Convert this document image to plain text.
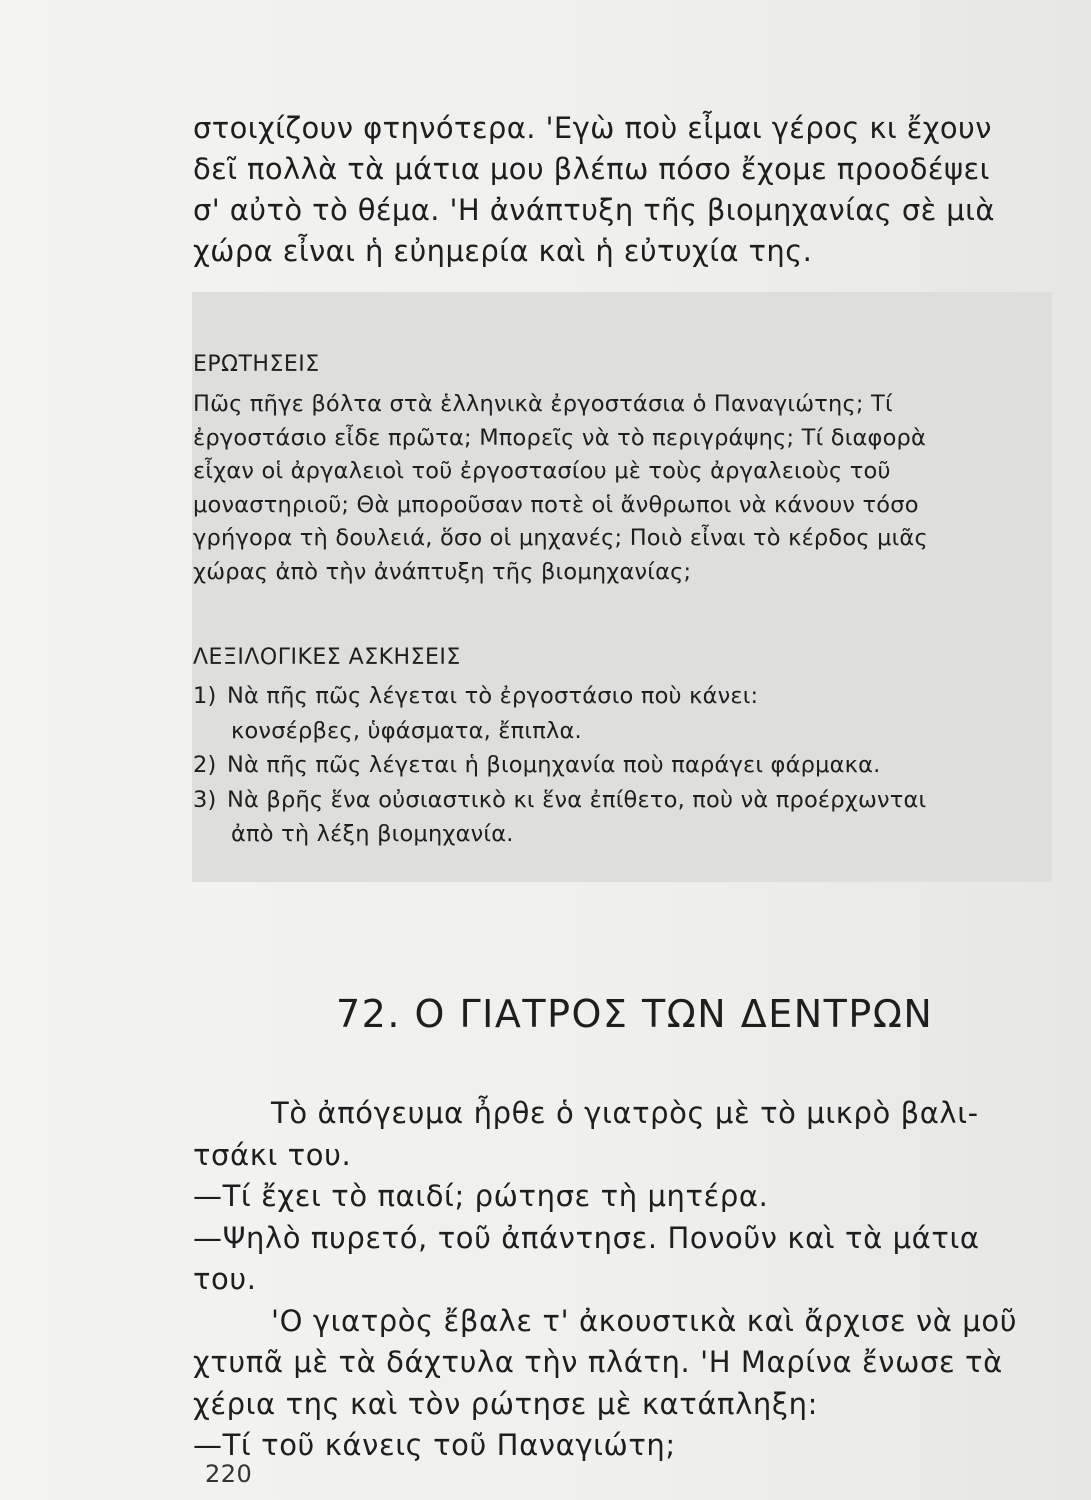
στοιχίζουν φτηνότερα. 'Εγὼ ποὺ εἶμαι γέρος κι ἔχουν
δεῖ πολλὰ τὰ μάτια μου βλέπω πόσο ἔχομε προοδέψει
σ' αὐτὸ τὸ θέμα. 'Η ἀνάπτυξη τῆς βιομηχανίας σὲ μιὰ
χώρα εἶναι ἡ εὐημερία καὶ ἡ εὐτυχία της.
ΕΡΩΤΗΣΕΙΣ
Πῶς πῆγε βόλτα στὰ ἑλληνικὰ ἐργοστάσια ὁ Παναγιώτης; Τί
ἐργοστάσιο εἶδε πρῶτα; Μπορεῖς νὰ τὸ περιγράψης; Τί διαφορὰ
εἶχαν οἱ ἀργαλειοὶ τοῦ ἐργοστασίου μὲ τοὺς ἀργαλειοὺς τοῦ
μοναστηριοῦ; Θὰ μποροῦσαν ποτὲ οἱ ἄνθρωποι νὰ κάνουν τόσο
γρήγορα τὴ δουλειά, ὅσο οἱ μηχανές; Ποιὸ εἶναι τὸ κέρδος μιᾶς
χώρας ἀπὸ τὴν ἀνάπτυξη τῆς βιομηχανίας;
ΛΕΞΙΛΟΓΙΚΕΣ ΑΣΚΗΣΕΙΣ
1) Νὰ πῆς πῶς λέγεται τὸ ἐργοστάσιο ποὺ κάνει:
κονσέρβες, ὑφάσματα, ἔπιπλα.
2) Νὰ πῆς πῶς λέγεται ἡ βιομηχανία ποὺ παράγει φάρμακα.
3) Νὰ βρῆς ἕνα οὐσιαστικὸ κι ἕνα ἐπίθετο, ποὺ νὰ προέρχωνται
ἀπὸ τὴ λέξη βιομηχανία.
72. Ο ΓΙΑΤΡΟΣ ΤΩΝ ΔΕΝΤΡΩΝ
Τὸ ἀπόγευμα ἦρθε ὁ γιατρὸς μὲ τὸ μικρὸ βαλι-
τσάκι του.
—Τί ἔχει τὸ παιδί; ρώτησε τὴ μητέρα.
—Ψηλὸ πυρετό, τοῦ ἀπάντησε. Πονοῦν καὶ τὰ μάτια
του.
'Ο γιατρὸς ἔβαλε τ' ἀκουστικὰ καὶ ἄρχισε νὰ μοῦ
χτυπᾶ μὲ τὰ δάχτυλα τὴν πλάτη. 'Η Μαρίνα ἔνωσε τὰ
χέρια της καὶ τὸν ρώτησε μὲ κατάπληξη:
—Τί τοῦ κάνεις τοῦ Παναγιώτη;
220
